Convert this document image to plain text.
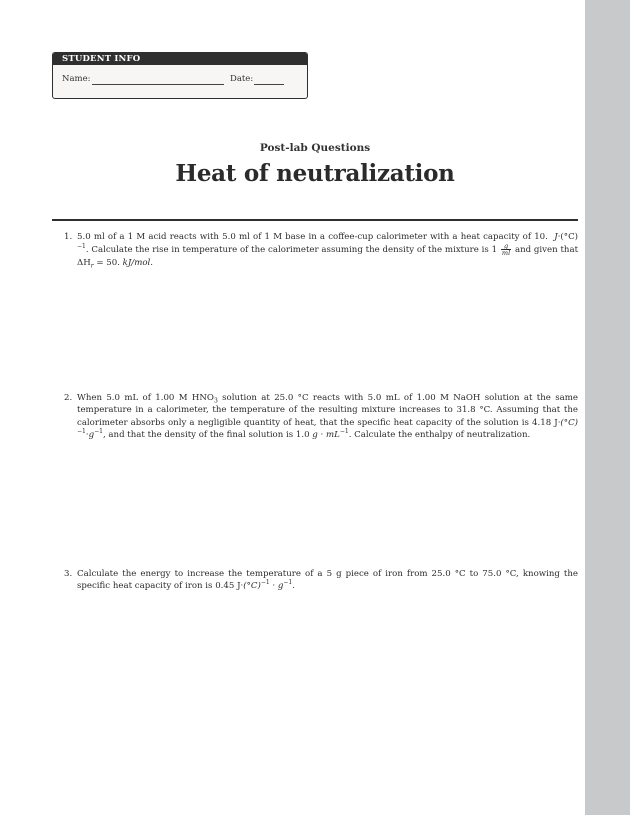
STUDENT INFO
Name:	Date:
Post-lab Questions
Heat of neutralization
1. 5.0 ml of a 1 M acid reacts with 5.0 ml of 1 M base in a coffee-cup calorimeter with a heat capacity of 10. $J\cdot(^\circ C)^{-1}$. Calculate the rise in temperature of the calorimeter assuming the density of the mixture is $1 \frac{g}{ml}$ and given that $\Delta H_r = 50$. kJ/mol.
2. When 5.0 mL of 1.00 M $HNO_3$ solution at 25.0 °C reacts with 5.0 mL of 1.00 M NaOH solution at the same temperature in a calorimeter, the temperature of the resulting mixture increases to 31.8 °C. Assuming that the calorimeter absorbs only a negligible quantity of heat, that the specific heat capacity of the solution is 4.18 $J\cdot(^\circ C)^{-1}\cdot g^{-1}$, and that the density of the final solution is 1.0 $g \cdot mL^{-1}$. Calculate the enthalpy of neutralization.
3. Calculate the energy to increase the temperature of a 5 g piece of iron from 25.0 °C to 75.0 °C, knowing the specific heat capacity of iron is 0.45 $J\cdot(^\circ C)^{-1} \cdot g^{-1}$.
